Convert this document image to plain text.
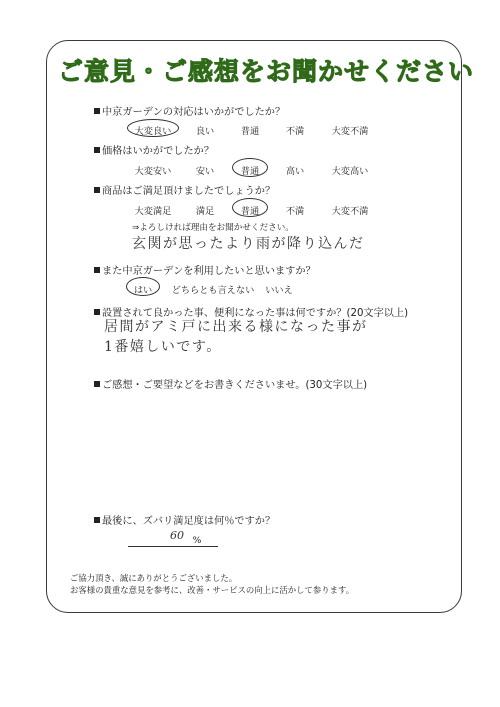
ご意見・ご感想をお聞かせください
中京ガーデンの対応はいかがでしたか？
大変良い	良い	普通	不満	大変不満
価格はいかがでしたか？
大変安い	安い	普通	高い	大変高い
商品はご満足頂けましたでしょうか？
大変満足	満足	普通	不満	大変不満
⇒よろしければ理由をお聞かせください。
玄関が思ったより雨が降り込んだ
また中京ガーデンを利用したいと思いますか？
はい	どちらとも言えない	いいえ
設置されて良かった事、便利になった事は何ですか？(20文字以上)
居間がアミ戸に出来る様になった事が
1番嬉しいです。
ご感想・ご要望などをお書きくださいませ。(30文字以上)
最後に、ズバリ満足度は何％ですか？
60 %
ご協力頂き、誠にありがとうございました。
お客様の貴重な意見を参考に、改善・サービスの向上に活かして参ります。
